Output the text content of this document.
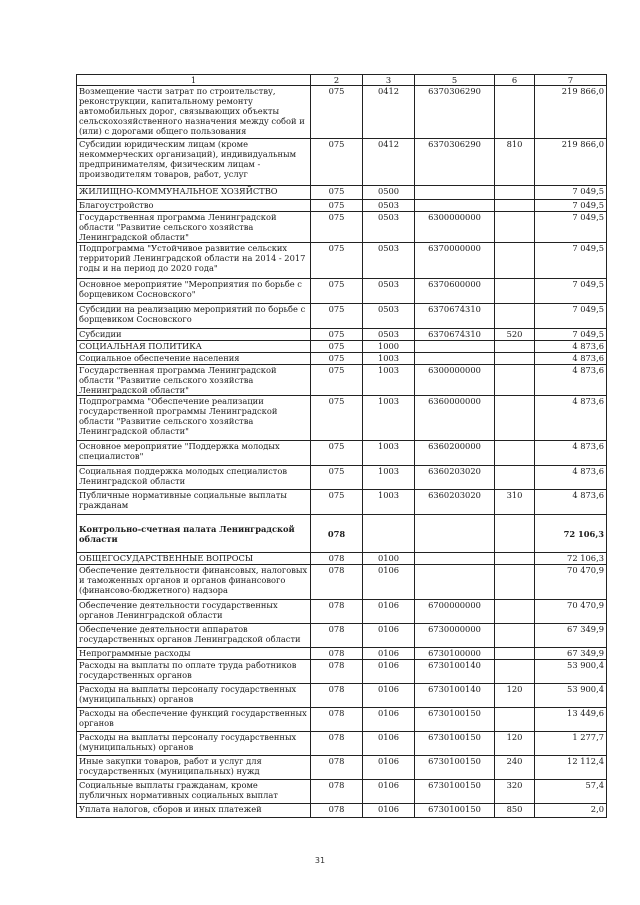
1	2	3	5	6	7
Возмещение части затрат по строительству, реконструкции, капитальному ремонту автомобильных дорог, связывающих объекты сельскохозяйственного назначения между собой и (или) с дорогами общего пользования	075	0412	6370306290		219 866,0
Субсидии юридическим лицам (кроме некоммерческих организаций), индивидуальным предпринимателям, физическим лицам - производителям товаров, работ, услуг	075	0412	6370306290	810	219 866,0
ЖИЛИЩНО-КОММУНАЛЬНОЕ ХОЗЯЙСТВО	075	0500			7 049,5
Благоустройство	075	0503			7 049,5
Государственная программа Ленинградской области "Развитие сельского хозяйства Ленинградской области"	075	0503	6300000000		7 049,5
Подпрограмма "Устойчивое развитие сельских территорий Ленинградской области на 2014 - 2017 годы и на период до 2020 года"	075	0503	6370000000		7 049,5
Основное мероприятие "Мероприятия по борьбе с борщевиком Сосновского"	075	0503	6370600000		7 049,5
Субсидии на реализацию мероприятий по борьбе с борщевиком Сосновского	075	0503	6370674310		7 049,5
Субсидии	075	0503	6370674310	520	7 049,5
СОЦИАЛЬНАЯ ПОЛИТИКА	075	1000			4 873,6
Социальное обеспечение населения	075	1003			4 873,6
Государственная программа Ленинградской области "Развитие сельского хозяйства Ленинградской области"	075	1003	6300000000		4 873,6
Подпрограмма "Обеспечение реализации государственной программы Ленинградской области "Развитие сельского хозяйства Ленинградской области"	075	1003	6360000000		4 873,6
Основное мероприятие "Поддержка молодых специалистов"	075	1003	6360200000		4 873,6
Социальная поддержка молодых специалистов Ленинградской области	075	1003	6360203020		4 873,6
Публичные нормативные социальные выплаты гражданам	075	1003	6360203020	310	4 873,6
Контрольно-счетная палата Ленинградской области	078				72 106,3
ОБЩЕГОСУДАРСТВЕННЫЕ ВОПРОСЫ	078	0100			72 106,3
Обеспечение деятельности финансовых, налоговых и таможенных органов и органов финансового (финансово-бюджетного) надзора	078	0106			70 470,9
Обеспечение деятельности государственных органов Ленинградской области	078	0106	6700000000		70 470,9
Обеспечение деятельности аппаратов государственных органов Ленинградской области	078	0106	6730000000		67 349,9
Непрограммные расходы	078	0106	6730100000		67 349,9
Расходы на выплаты по оплате труда работников государственных органов	078	0106	6730100140		53 900,4
Расходы на выплаты персоналу государственных (муниципальных) органов	078	0106	6730100140	120	53 900,4
Расходы на обеспечение функций государственных органов	078	0106	6730100150		13 449,6
Расходы на выплаты персоналу государственных (муниципальных) органов	078	0106	6730100150	120	1 277,7
Иные закупки товаров, работ и услуг для государственных (муниципальных) нужд	078	0106	6730100150	240	12 112,4
Социальные выплаты гражданам, кроме публичных нормативных социальных выплат	078	0106	6730100150	320	57,4
Уплата налогов, сборов и иных платежей	078	0106	6730100150	850	2,0
31
